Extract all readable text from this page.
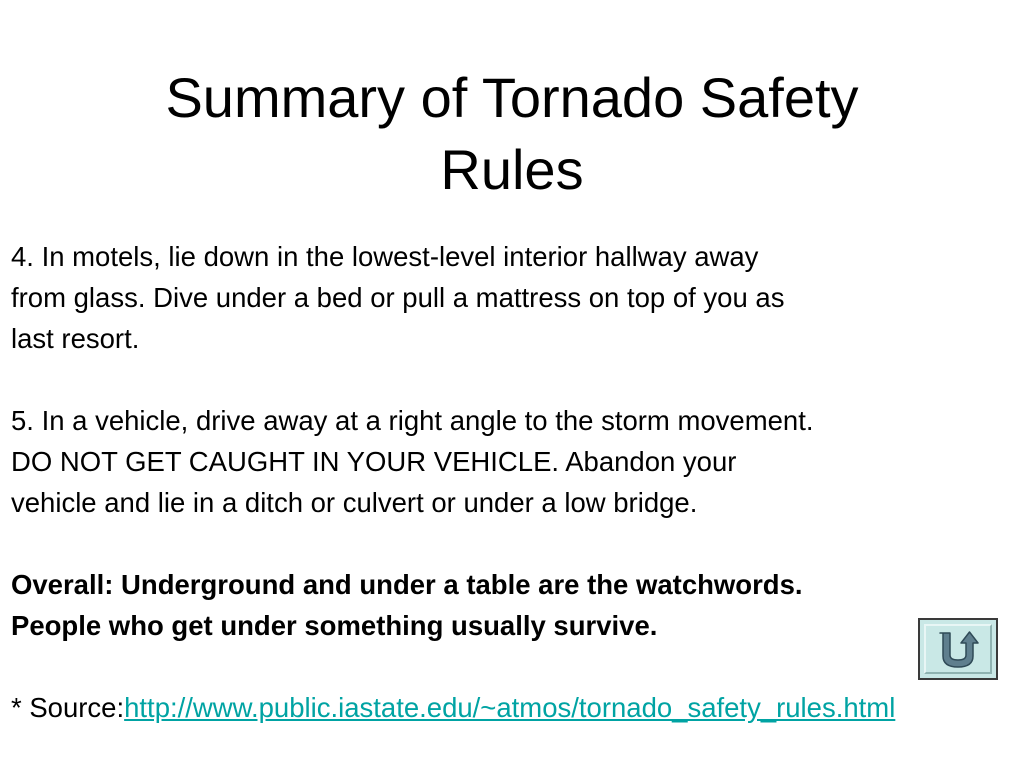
Summary of Tornado Safety
Rules

4. In motels, lie down in the lowest-level interior hallway away
from glass. Dive under a bed or pull a mattress on top of you as
last resort.

5. In a vehicle, drive away at a right angle to the storm movement.
DO NOT GET CAUGHT IN YOUR VEHICLE. Abandon your
vehicle and lie in a ditch or culvert or under a low bridge.

Overall: Underground and under a table are the watchwords.
People who get under something usually survive.

* Source:http://www.public.iastate.edu/~atmos/tornado_safety_rules.html
